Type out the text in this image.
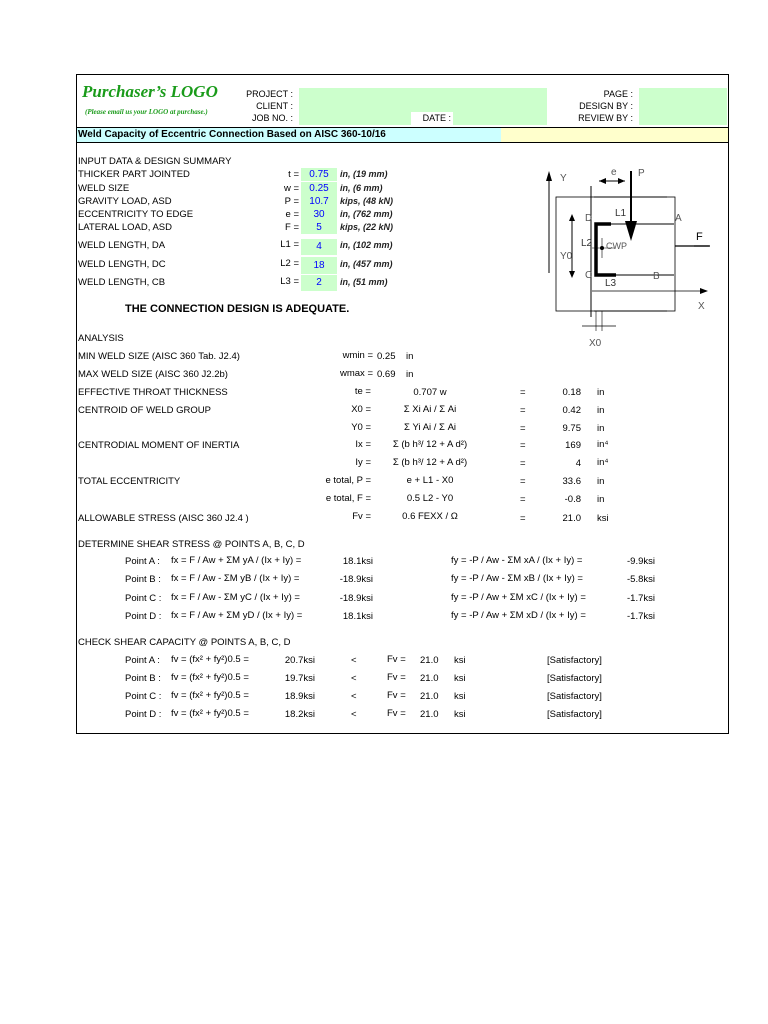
Purchaser’s LOGO
(Please email us your LOGO at purchase.)
PROJECT :
CLIENT :
JOB NO. :	DATE :
PAGE :
DESIGN BY :
REVIEW BY :
Weld Capacity of Eccentric Connection Based on AISC 360-10/16
INPUT DATA & DESIGN SUMMARY
THICKER PART JOINTED	t =	0.75	in, (19 mm)
WELD SIZE	w =	0.25	in, (6 mm)
GRAVITY LOAD, ASD	P =	10.7	kips, (48 kN)
ECCENTRICITY TO EDGE	e =	30	in, (762 mm)
LATERAL LOAD, ASD	F =	5	kips, (22 kN)
WELD LENGTH, DA	L1 =	4	in, (102 mm)
WELD LENGTH, DC	L2 =	18	in, (457 mm)
WELD LENGTH, CB	L3 =	2	in, (51 mm)
THE CONNECTION DESIGN IS ADEQUATE.
Y
e P
CWP
D L1	A
L2
C
L3
B
Y0
F
X
X0
ANALYSIS
MIN WELD SIZE (AISC 360 Tab. J2.4)	wmin = 0.25 in
MAX WELD SIZE (AISC 360 J2.2b)	wmax = 0.69 in
EFFECTIVE THROAT THICKNESS	te =	0.707 w	=	0.18 in
CENTROID OF WELD GROUP	X0 =	Σ Xi Ai / Σ Ai	=	0.42 in
Y0 =	Σ Yi Ai / Σ Ai	=	9.75 in
CENTRODIAL MOMENT OF INERTIA	Ix =	Σ (b h³/ 12 + A d²)	=	169 in⁴
Iy =	Σ (b h³/ 12 + A d²)	=	4 in⁴
TOTAL ECCENTRICITY	e total, P =	e + L1 - X0	=	33.6 in
e total, F =	0.5 L2 - Y0	=	-0.8 in
ALLOWABLE STRESS (AISC 360 J2.4 )	Fv =	0.6 FEXX / Ω	=	21.0 ksi
DETERMINE SHEAR STRESS @ POINTS A, B, C, D
Point A : fx = F / Aw + ΣM yA / (Ix + Iy) =	18.1ksi	fy = -P / Aw - ΣM xA / (Ix + Iy) =	-9.9ksi
Point B : fx = F / Aw - ΣM yB / (Ix + Iy) =	-18.9ksi	fy = -P / Aw - ΣM xB / (Ix + Iy) =	-5.8ksi
Point C : fx = F / Aw - ΣM yC / (Ix + Iy) =	-18.9ksi	fy = -P / Aw + ΣM xC / (Ix + Iy) =	-1.7ksi
Point D : fx = F / Aw + ΣM yD / (Ix + Iy) =	18.1ksi	fy = -P / Aw + ΣM xD / (Ix + Iy) =	-1.7ksi
CHECK SHEAR CAPACITY @ POINTS A, B, C, D
Point A : fv = (fx² + fy²)0.5 =	20.7ksi	<	Fv = 21.0 ksi	[Satisfactory]
Point B : fv = (fx² + fy²)0.5 =	19.7ksi	<	Fv = 21.0 ksi	[Satisfactory]
Point C : fv = (fx² + fy²)0.5 =	18.9ksi	<	Fv = 21.0 ksi	[Satisfactory]
Point D : fv = (fx² + fy²)0.5 =	18.2ksi	<	Fv = 21.0 ksi	[Satisfactory]
